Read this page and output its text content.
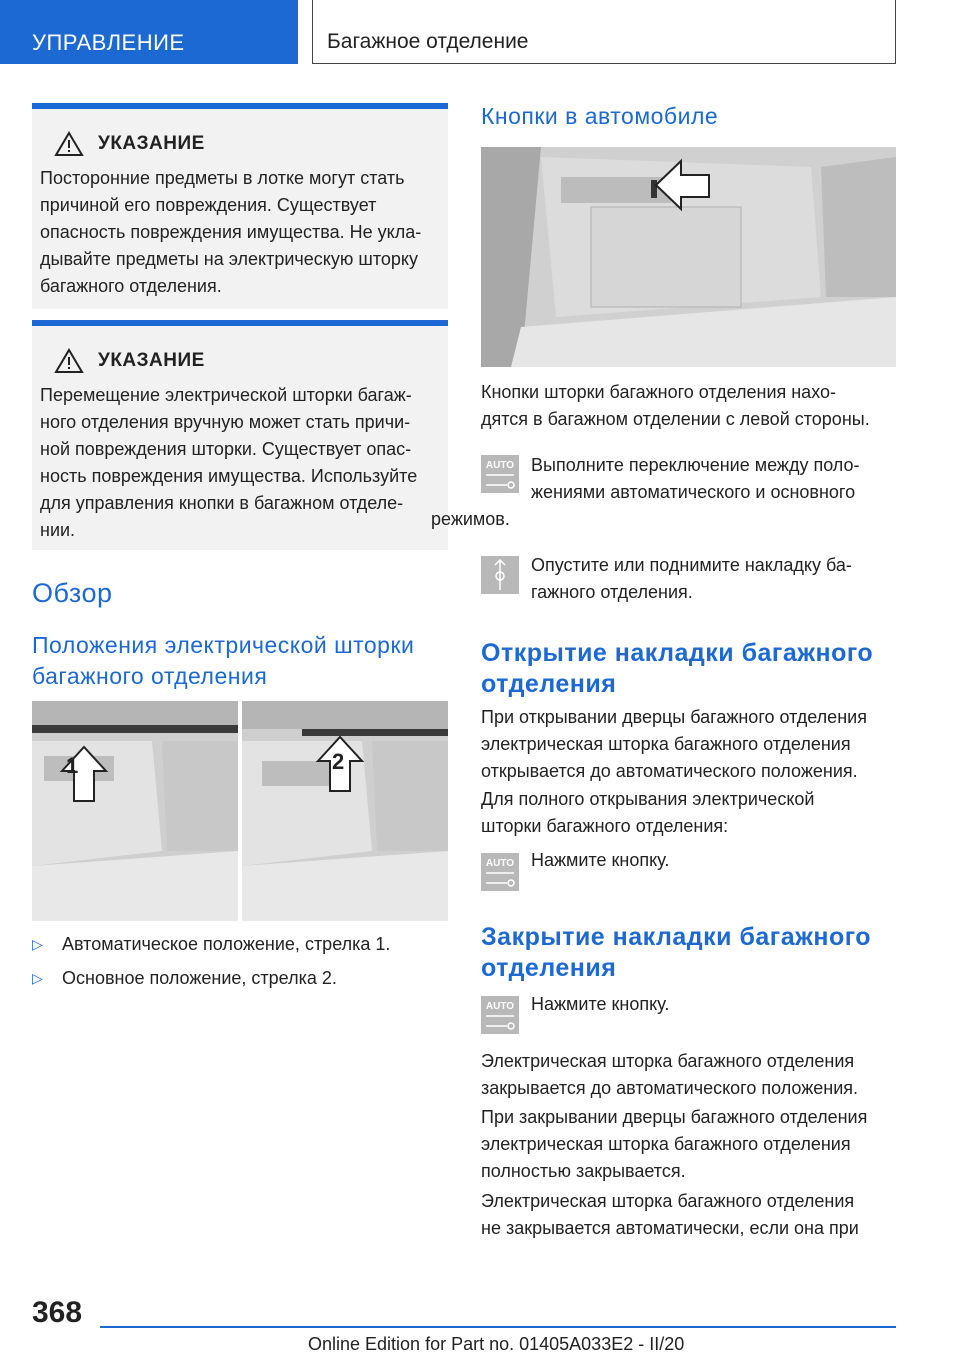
УПРАВЛЕНИЕ	Багажное отделение
УКАЗАНИЕ
Посторонние предметы в лотке могут стать
причиной его повреждения. Существует
опасность повреждения имущества. Не укла-
дывайте предметы на электрическую шторку
багажного отделения.
УКАЗАНИЕ
Перемещение электрической шторки багаж-
ного отделения вручную может стать причи-
ной повреждения шторки. Существует опас-
ность повреждения имущества. Используйте
для управления кнопки в багажном отделе-
нии.
Обзор
Положения электрической шторки
багажного отделения
1	2
▷	Автоматическое положение, стрелка 1.
▷	Основное положение, стрелка 2.
Кнопки в автомобиле
Кнопки шторки багажного отделения нахо-
дятся в багажном отделении с левой стороны.
AUTO Выполните переключение между поло-
жениями автоматического и основного
режимов.
Опустите или поднимите накладку ба-
гажного отделения.
Открытие накладки багажного
отделения
При открывании дверцы багажного отделения
электрическая шторка багажного отделения
открывается до автоматического положения.
Для полного открывания электрической
шторки багажного отделения:
AUTO Нажмите кнопку.
Закрытие накладки багажного
отделения
AUTO Нажмите кнопку.
Электрическая шторка багажного отделения
закрывается до автоматического положения.
При закрывании дверцы багажного отделения
электрическая шторка багажного отделения
полностью закрывается.
Электрическая шторка багажного отделения
не закрывается автоматически, если она при
368
Online Edition for Part no. 01405A033E2 - II/20
